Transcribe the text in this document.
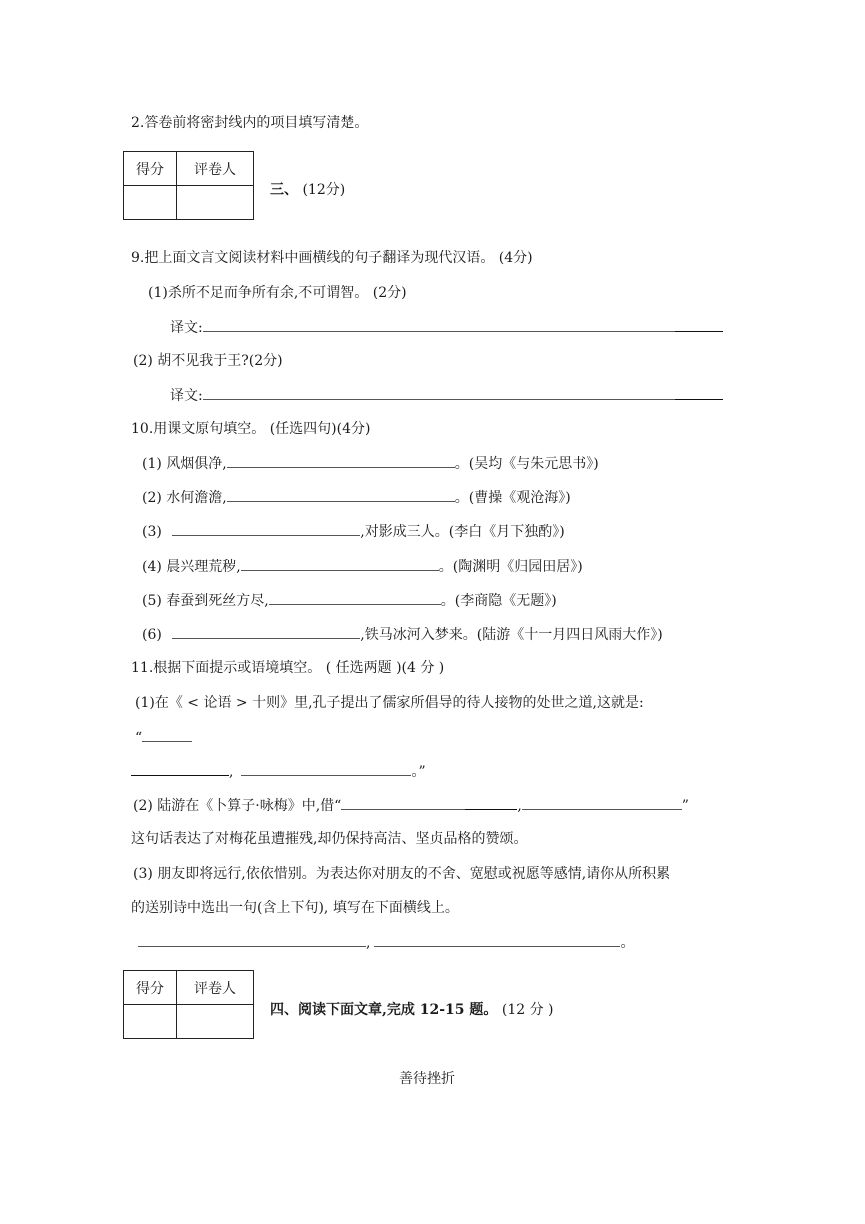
2.答卷前将密封线内的项目填写清楚。
得分	评卷人

三、 (12分)
9.把上面文言文阅读材料中画横线的句子翻译为现代汉语。 (4分)
(1)杀所不足而争所有余,不可谓智。 (2分)
译文:
(2) 胡不见我于王?(2分)
译文:
10.用课文原句填空。 (任选四句)(4分)
(1) 风烟俱净,	。(吴均《与朱元思书》)
(2) 水何澹澹,	。(曹操《观沧海》)
(3)	,对影成三人。(李白《月下独酌》)
(4) 晨兴理荒秽,	。(陶渊明《归园田居》)
(5) 春蚕到死丝方尽,	。(李商隐《无题》)
(6)	,铁马冰河入梦来。(陆游《十一月四日风雨大作》)
11.根据下面提示或语境填空。 ( 任选两题 )(4 分 )
(1)在《 < 论语 > 十则》里,孔子提出了儒家所倡导的待人接物的处世之道,这就是:
“
,	。”
(2) 陆游在《卜算子·咏梅》中,借“	,	”
这句话表达了对梅花虽遭摧残,却仍保持高洁、坚贞品格的赞颂。
(3) 朋友即将远行,依依惜别。为表达你对朋友的不舍、宽慰或祝愿等感情,请你从所积累
的送别诗中选出一句(含上下句), 填写在下面横线上。
,	。
得分	评卷人

四、阅读下面文章,完成 12-15 题。 (12 分 )
善待挫折
